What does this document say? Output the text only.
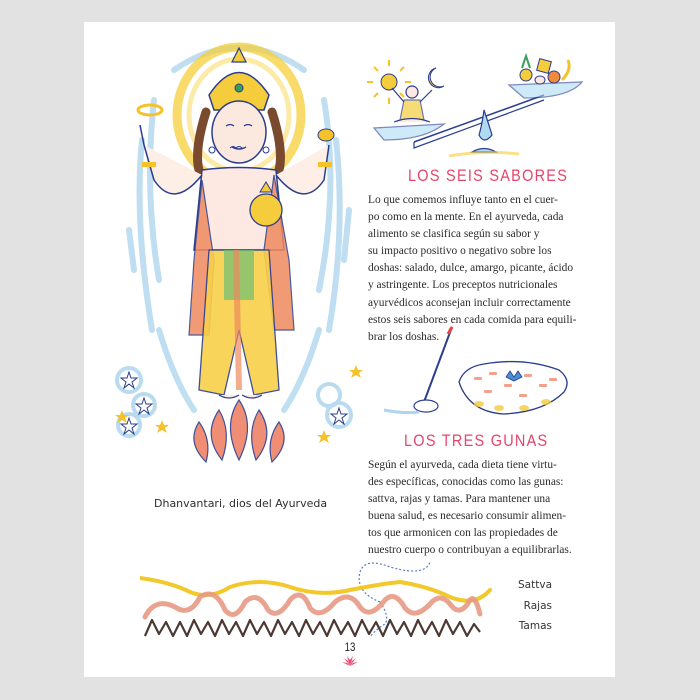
Dhanvantari, dios del Ayurveda
LOS SEIS SABORES
Lo que comemos influye tanto en el cuer-
po como en la mente. En el ayurveda, cada
alimento se clasifica según su sabor y
su impacto positivo o negativo sobre los
doshas: salado, dulce, amargo, picante, ácido
y astringente. Los preceptos nutricionales
ayurvédicos aconsejan incluir correctamente
estos seis sabores en cada comida para equili-
brar los doshas.
LOS TRES GUNAS
Según el ayurveda, cada dieta tiene virtu-
des específicas, conocidas como las gunas:
sattva, rajas y tamas. Para mantener una
buena salud, es necesario consumir alimen-
tos que armonicen con las propiedades de
nuestro cuerpo o contribuyan a equilibrarlas.
Sattva
Rajas
Tamas
13
